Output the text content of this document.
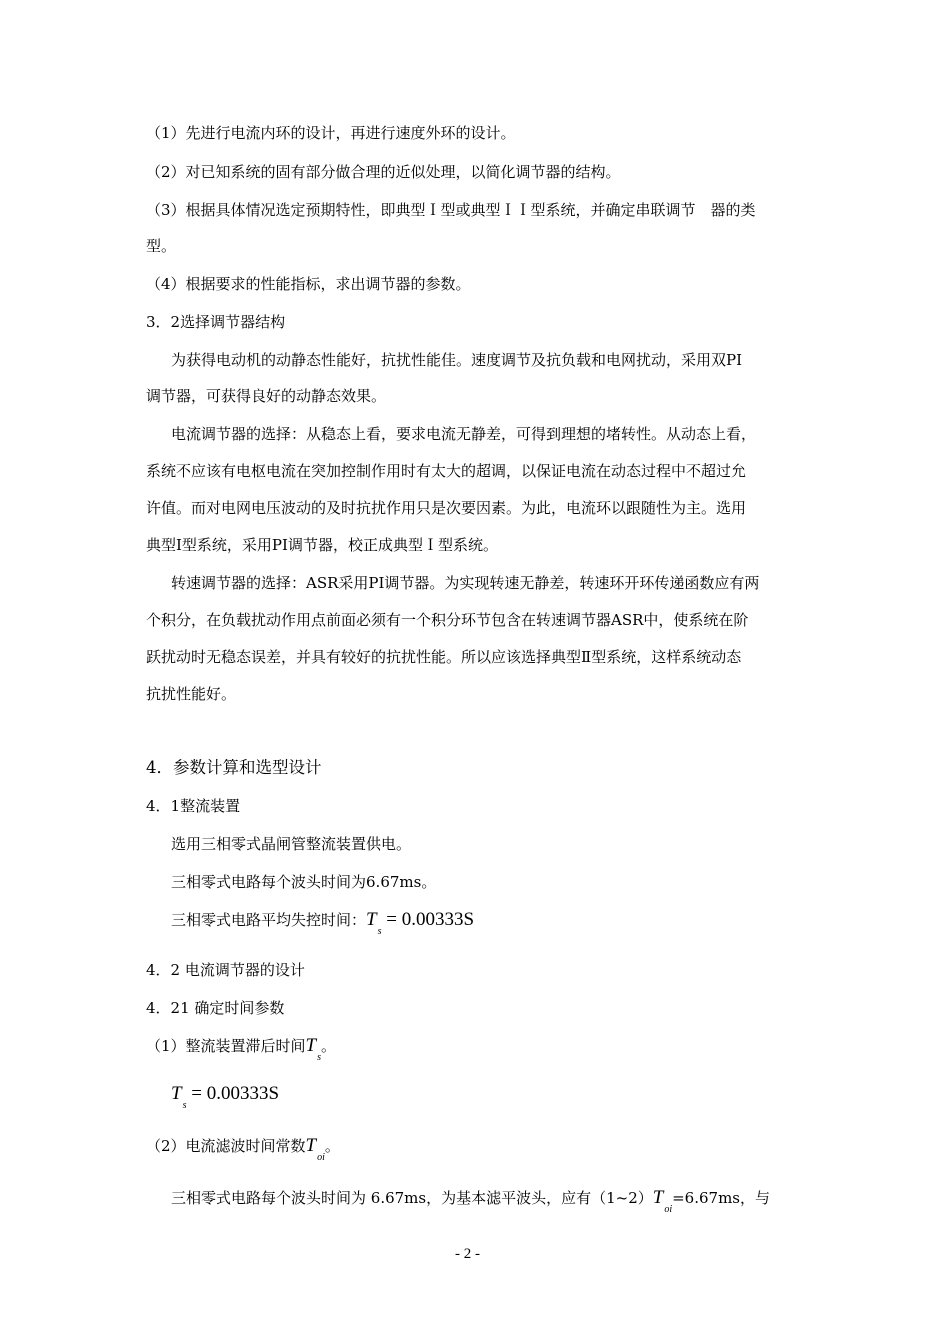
（1）先进行电流内环的设计，再进行速度外环的设计。
（2）对已知系统的固有部分做合理的近似处理，以简化调节器的结构。
（3）根据具体情况选定预期特性，即典型Ｉ型或典型ＩＩ型系统，并确定串联调节　器的类
型。
（4）根据要求的性能指标，求出调节器的参数。
3．2选择调节器结构
为获得电动机的动静态性能好，抗扰性能佳。速度调节及抗负载和电网扰动，采用双PI
调节器，可获得良好的动静态效果。
电流调节器的选择：从稳态上看，要求电流无静差，可得到理想的堵转性。从动态上看，
系统不应该有电枢电流在突加控制作用时有太大的超调，以保证电流在动态过程中不超过允
许值。而对电网电压波动的及时抗扰作用只是次要因素。为此，电流环以跟随性为主。选用
典型Ⅰ型系统，采用PI调节器，校正成典型Ｉ型系统。
转速调节器的选择：ASR采用PI调节器。为实现转速无静差，转速环开环传递函数应有两
个积分，在负载扰动作用点前面必须有一个积分环节包含在转速调节器ASR中，使系统在阶
跃扰动时无稳态误差，并具有较好的抗扰性能。所以应该选择典型Ⅱ型系统，这样系统动态
抗扰性能好。
4．参数计算和选型设计
4．1整流装置
选用三相零式晶闸管整流装置供电。
三相零式电路每个波头时间为6.67ms。
三相零式电路平均失控时间：$T_s = 0.00333S$
4．2 电流调节器的设计
4．21 确定时间参数
（1）整流装置滞后时间$T_s$。
$T_s = 0.00333S$
（2）电流滤波时间常数$T_{oi}$。
三相零式电路每个波头时间为 6.67ms，为基本滤平波头，应有$(1\sim 2)T_{oi}=6.67ms$，与
- 2 -
